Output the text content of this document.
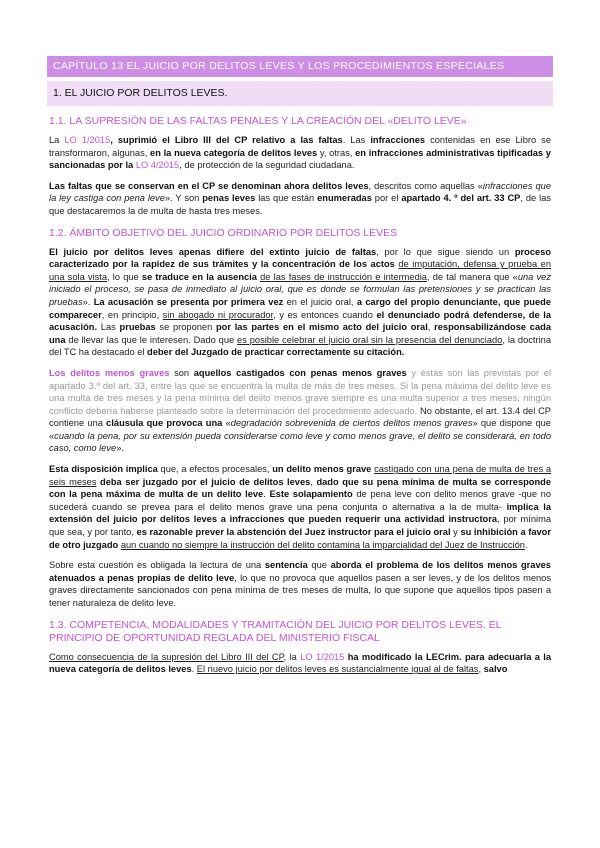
CAPÍTULO 13 EL JUICIO POR DELITOS LEVES Y LOS PROCEDIMIENTOS ESPECIALES
1. EL JUICIO POR DELITOS LEVES.
1.1. LA SUPRESIÓN DE LAS FALTAS PENALES Y LA CREACIÓN DEL «DELITO LEVE»

La LO 1/2015, suprimió el Libro III del CP relativo a las faltas. Las infracciones contenidas en ese Libro se transformaron, algunas, en la nueva categoría de delitos leves y, otras, en infracciones administrativas tipificadas y sancionadas por la LO 4/2015, de protección de la seguridad ciudadana.

Las faltas que se conservan en el CP se denominan ahora delitos leves, descritos como aquellas «infracciones que la ley castiga con pena leve». Y son penas leves las que están enumeradas por el apartado 4. º del art. 33 CP, de las que destacaremos la de multa de hasta tres meses.

1.2. ÁMBITO OBJETIVO DEL JUICIO ORDINARIO POR DELITOS LEVES

El juicio por delitos leves apenas difiere del extinto juicio de faltas, por lo que sigue siendo un proceso caracterizado por la rapidez de sus trámites y la concentración de los actos de imputación, defensa y prueba en una sola vista, lo que se traduce en la ausencia de las fases de instrucción e intermedia, de tal manera que «una vez iniciado el proceso, se pasa de inmediato al juicio oral, que es donde se formulan las pretensiones y se practican las pruebas». La acusación se presenta por primera vez en el juicio oral, a cargo del propio denunciante, que puede comparecer, en principio, sin abogado ni procurador, y es entonces cuando el denunciado podrá defenderse, de la acusación. Las pruebas se proponen por las partes en el mismo acto del juicio oral, responsabilizándose cada una de llevar las que le interesen. Dado que es posible celebrar el juicio oral sin la presencia del denunciado, la doctrina del TC ha destacado el deber del Juzgado de practicar correctamente su citación.

Los delitos menos graves son aquellos castigados con penas menos graves y éstas son las previstas por el apartado 3.º del art. 33, entre las que se encuentra la multa de más de tres meses. Si la pena máxima del delito leve es una multa de tres meses y la pena mínima del delito menos grave siempre es una multa superior a tres meses, ningún conflicto debería haberse planteado sobre la determinación del procedimiento adecuado. No obstante, el art. 13.4 del CP contiene una cláusula que provoca una «degradación sobrevenida de ciertos delitos menos graves» que dispone que «cuando la pena, por su extensión pueda considerarse como leve y como menos grave, el delito se considerará, en todo caso, como leve».

Esta disposición implica que, a efectos procesales, un delito menos grave castigado con una pena de multa de tres a seis meses deba ser juzgado por el juicio de delitos leves, dado que su pena mínima de multa se corresponde con la pena máxima de multa de un delito leve. Este solapamiento de pena leve con delito menos grave -que no sucederá cuando se prevea para el delito menos grave una pena conjunta o alternativa a la de multa- implica la extensión del juicio por delitos leves a infracciones que pueden requerir una actividad instructora, por mínima que sea, y por tanto, es razonable prever la abstención del Juez instructor para el juicio oral y su inhibición a favor de otro juzgado aun cuando no siempre la instrucción del delito contamina la imparcialidad del Juez de Instrucción.

Sobre esta cuestión es obligada la lectura de una sentencia que aborda el problema de los delitos menos graves atenuados a penas propias de delito leve, lo que no provoca que aquellos pasen a ser leves, y de los delitos menos graves directamente sancionados con pena mínima de tres meses de multa, lo que supone que aquellos tipos pasen a tener naturaleza de delito leve.

1.3. COMPETENCIA, MODALIDADES Y TRAMITACIÓN DEL JUICIO POR DELITOS LEVES. EL PRINCIPIO DE OPORTUNIDAD REGLADA DEL MINISTERIO FISCAL

Como consecuencia de la supresión del Libro III del CP, la LO 1/2015 ha modificado la LECrim. para adecuarla a la nueva categoría de delitos leves. El nuevo juicio por delitos leves es sustancialmente igual al de faltas, salvo
